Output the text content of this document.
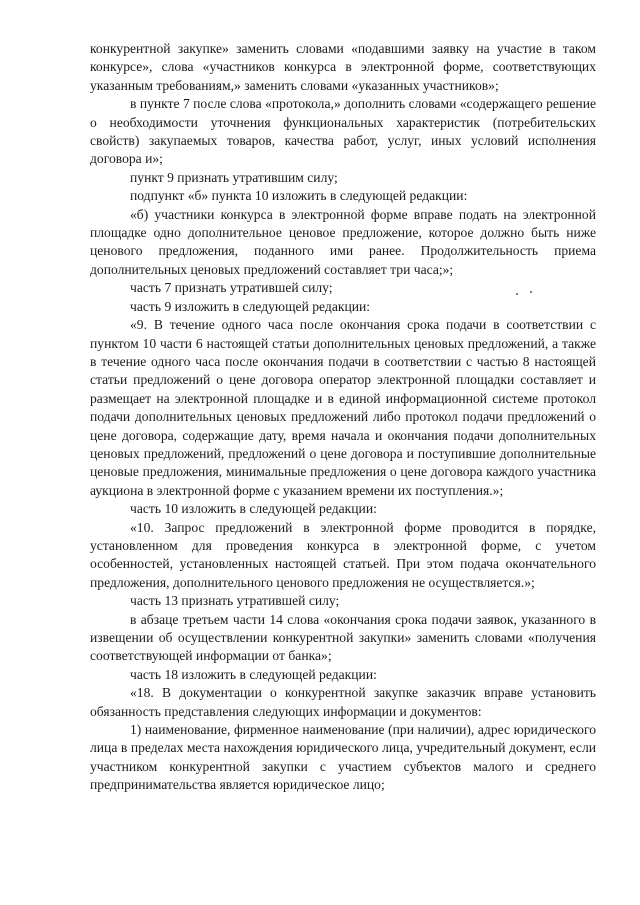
конкурентной закупке» заменить словами «подавшими заявку на участие в таком конкурсе», слова «участников конкурса в электронной форме, соответствующих указанным требованиям,» заменить словами «указанных участников»;

в пункте 7 после слова «протокола,» дополнить словами «содержащего решение о необходимости уточнения функциональных характеристик (потребительских свойств) закупаемых товаров, качества работ, услуг, иных условий исполнения договора и»;

пункт 9 признать утратившим силу;

подпункт «б» пункта 10 изложить в следующей редакции:

«б) участники конкурса в электронной форме вправе подать на электронной площадке одно дополнительное ценовое предложение, которое должно быть ниже ценового предложения, поданного ими ранее. Продолжительность приема дополнительных ценовых предложений составляет три часа;»;

часть 7 признать утратившей силу;

часть 9 изложить в следующей редакции:

«9. В течение одного часа после окончания срока подачи в соответствии с пунктом 10 части 6 настоящей статьи дополнительных ценовых предложений, а также в течение одного часа после окончания подачи в соответствии с частью 8 настоящей статьи предложений о цене договора оператор электронной площадки составляет и размещает на электронной площадке и в единой информационной системе протокол подачи дополнительных ценовых предложений либо протокол подачи предложений о цене договора, содержащие дату, время начала и окончания подачи дополнительных ценовых предложений, предложений о цене договора и поступившие дополнительные ценовые предложения, минимальные предложения о цене договора каждого участника аукциона в электронной форме с указанием времени их поступления.»;

часть 10 изложить в следующей редакции:

«10. Запрос предложений в электронной форме проводится в порядке, установленном для проведения конкурса в электронной форме, с учетом особенностей, установленных настоящей статьей. При этом подача окончательного предложения, дополнительного ценового предложения не осуществляется.»;

часть 13 признать утратившей силу;

в абзаце третьем части 14 слова «окончания срока подачи заявок, указанного в извещении об осуществлении конкурентной закупки» заменить словами «получения соответствующей информации от банка»;

часть 18 изложить в следующей редакции:

«18. В документации о конкурентной закупке заказчик вправе установить обязанность представления следующих информации и документов:

1) наименование, фирменное наименование (при наличии), адрес юридического лица в пределах места нахождения юридического лица, учредительный документ, если участником конкурентной закупки с участием субъектов малого и среднего предпринимательства является юридическое лицо;
